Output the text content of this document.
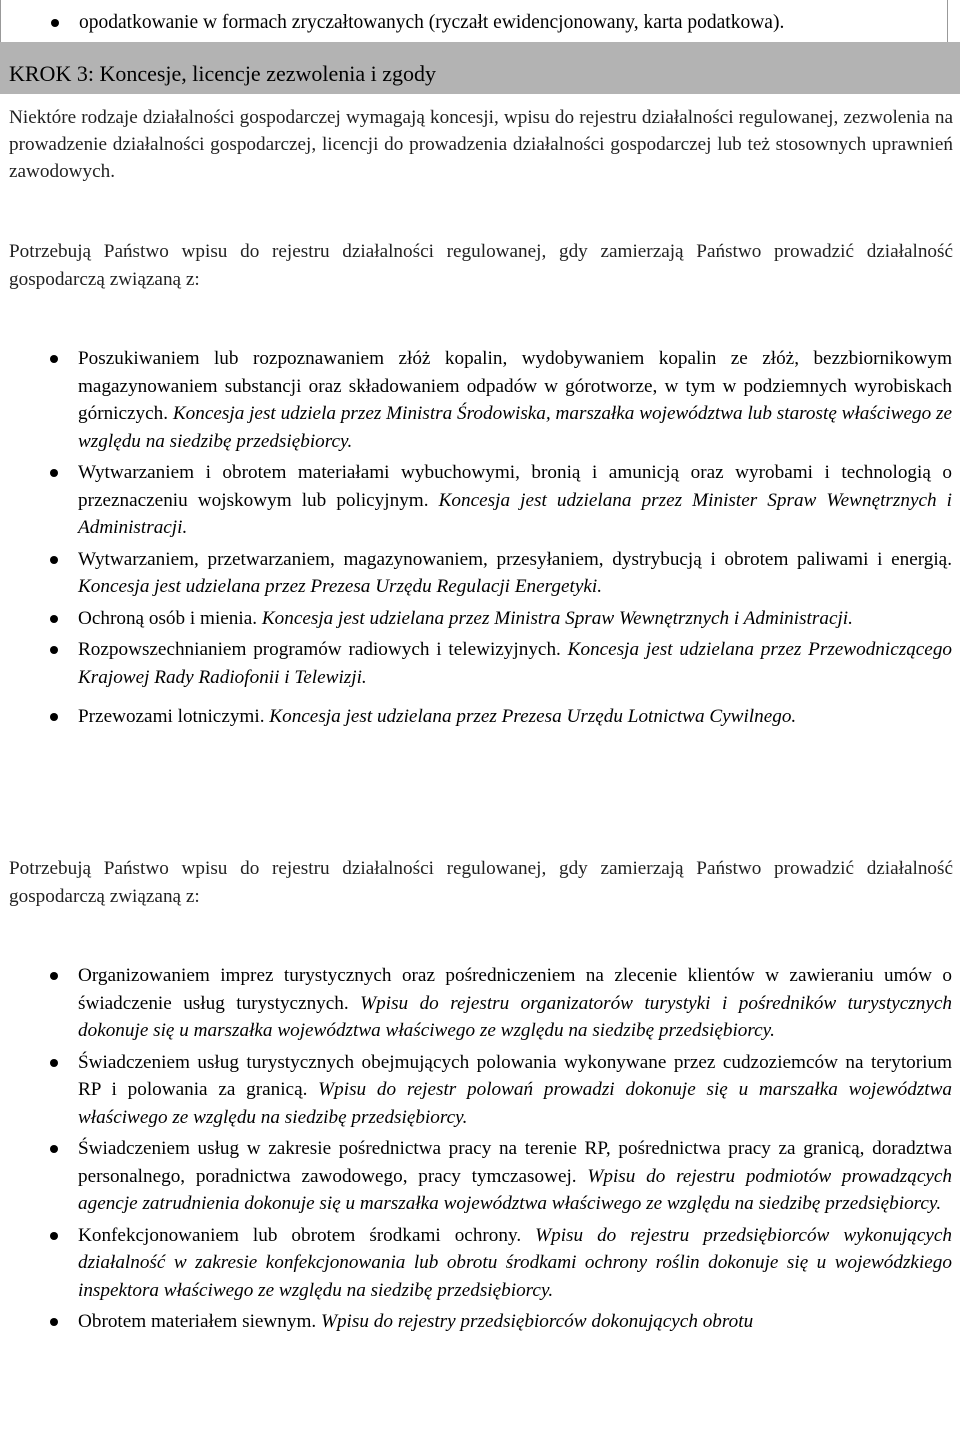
opodatkowanie w formach zryczałtowanych (ryczałt ewidencjonowany, karta podatkowa).
KROK 3: Koncesje, licencje zezwolenia i zgody
Niektóre rodzaje działalności gospodarczej wymagają koncesji, wpisu do rejestru działalności regulowanej, zezwolenia na prowadzenie działalności gospodarczej, licencji do prowadzenia działalności gospodarczej lub też stosownych uprawnień zawodowych.
Potrzebują Państwo wpisu do rejestru działalności regulowanej, gdy zamierzają Państwo prowadzić działalność gospodarczą związaną z:
Poszukiwaniem lub rozpoznawaniem złóż kopalin, wydobywaniem kopalin ze złóż, bezzbiornikowym magazynowaniem substancji oraz składowaniem odpadów w górotworze, w tym w podziemnych wyrobiskach górniczych. Koncesja jest udziela przez Ministra Środowiska, marszałka województwa lub starostę właściwego ze względu na siedzibę przedsiębiorcy.
Wytwarzaniem i obrotem materiałami wybuchowymi, bronią i amunicją oraz wyrobami i technologią o przeznaczeniu wojskowym lub policyjnym. Koncesja jest udzielana przez Minister Spraw Wewnętrznych i Administracji.
Wytwarzaniem, przetwarzaniem, magazynowaniem, przesyłaniem, dystrybucją i obrotem paliwami i energią. Koncesja jest udzielana przez Prezesa Urzędu Regulacji Energetyki.
Ochroną osób i mienia. Koncesja jest udzielana przez Ministra Spraw Wewnętrznych i Administracji.
Rozpowszechnianiem programów radiowych i telewizyjnych. Koncesja jest udzielana przez Przewodniczącego Krajowej Rady Radiofonii i Telewizji.
Przewozami lotniczymi. Koncesja jest udzielana przez Prezesa Urzędu Lotnictwa Cywilnego.
Potrzebują Państwo wpisu do rejestru działalności regulowanej, gdy zamierzają Państwo prowadzić działalność gospodarczą związaną z:
Organizowaniem imprez turystycznych oraz pośredniczeniem na zlecenie klientów w zawieraniu umów o świadczenie usług turystycznych. Wpisu do rejestru organizatorów turystyki i pośredników turystycznych dokonuje się u marszałka województwa właściwego ze względu na siedzibę przedsiębiorcy.
Świadczeniem usług turystycznych obejmujących polowania wykonywane przez cudzoziemców na terytorium RP i polowania za granicą. Wpisu do rejestr polowań prowadzi dokonuje się u marszałka województwa właściwego ze względu na siedzibę przedsiębiorcy.
Świadczeniem usług w zakresie pośrednictwa pracy na terenie RP, pośrednictwa pracy za granicą, doradztwa personalnego, poradnictwa zawodowego, pracy tymczasowej. Wpisu do rejestru podmiotów prowadzących agencje zatrudnienia dokonuje się u marszałka województwa właściwego ze względu na siedzibę przedsiębiorcy.
Konfekcjonowaniem lub obrotem środkami ochrony. Wpisu do rejestru przedsiębiorców wykonujących działalność w zakresie konfekcjonowania lub obrotu środkami ochrony roślin dokonuje się u wojewódzkiego inspektora właściwego ze względu na siedzibę przedsiębiorcy.
Obrotem materiałem siewnym. Wpisu do rejestry przedsiębiorców dokonujących obrotu
